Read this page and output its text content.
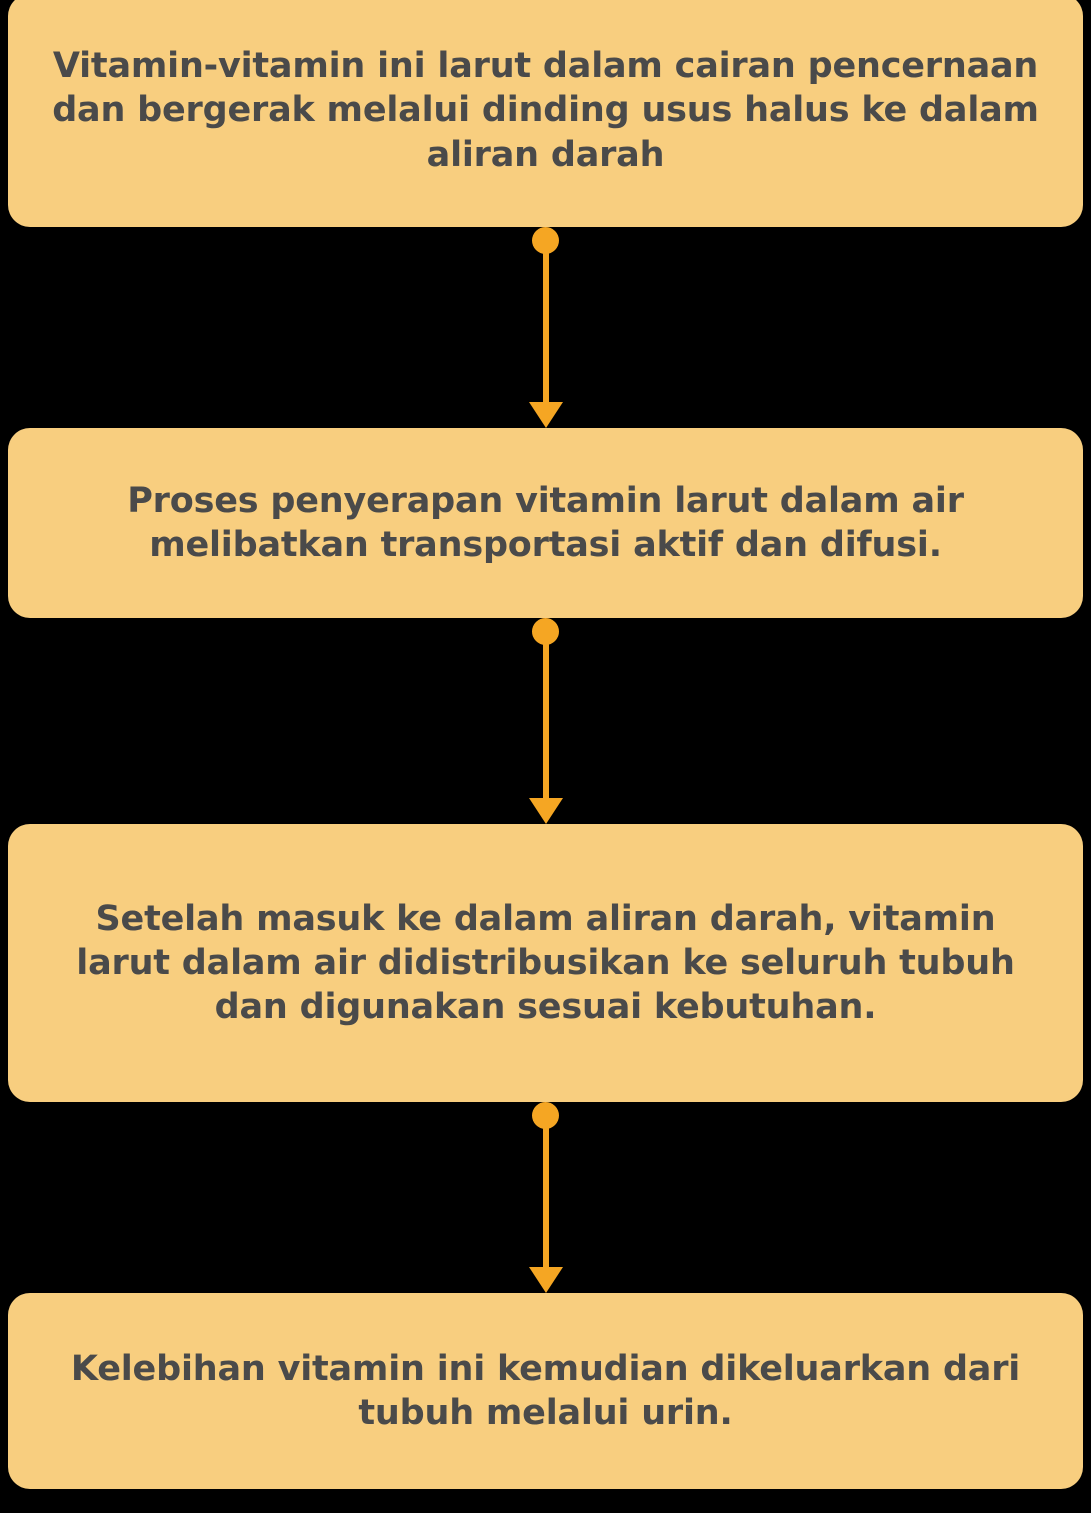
Vitamin-vitamin ini larut dalam cairan pencernaan dan bergerak melalui dinding usus halus ke dalam aliran darah
Proses penyerapan vitamin larut dalam air melibatkan transportasi aktif dan difusi.
Setelah masuk ke dalam aliran darah, vitamin larut dalam air didistribusikan ke seluruh tubuh dan digunakan sesuai kebutuhan.
Kelebihan vitamin ini kemudian dikeluarkan dari tubuh melalui urin.
